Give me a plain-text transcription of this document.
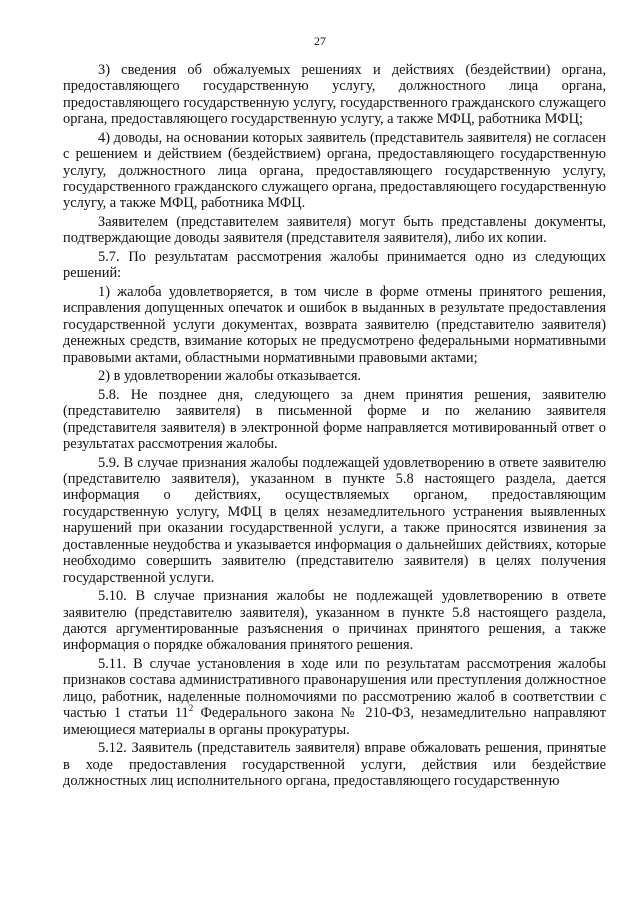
27

3) сведения об обжалуемых решениях и действиях (бездействии) органа, предоставляющего государственную услугу, должностного лица органа, предоставляющего государственную услугу, государственного гражданского служащего органа, предоставляющего государственную услугу, а также МФЦ, работника МФЦ;

4) доводы, на основании которых заявитель (представитель заявителя) не согласен с решением и действием (бездействием) органа, предоставляющего государственную услугу, должностного лица органа, предоставляющего государственную услугу, государственного гражданского служащего органа, предоставляющего государственную услугу, а также МФЦ, работника МФЦ.

Заявителем (представителем заявителя) могут быть представлены документы, подтверждающие доводы заявителя (представителя заявителя), либо их копии.

5.7. По результатам рассмотрения жалобы принимается одно из следующих решений:

1) жалоба удовлетворяется, в том числе в форме отмены принятого решения, исправления допущенных опечаток и ошибок в выданных в результате предоставления государственной услуги документах, возврата заявителю (представителю заявителя) денежных средств, взимание которых не предусмотрено федеральными нормативными правовыми актами, областными нормативными правовыми актами;

2) в удовлетворении жалобы отказывается.

5.8. Не позднее дня, следующего за днем принятия решения, заявителю (представителю заявителя) в письменной форме и по желанию заявителя (представителя заявителя) в электронной форме направляется мотивированный ответ о результатах рассмотрения жалобы.

5.9. В случае признания жалобы подлежащей удовлетворению в ответе заявителю (представителю заявителя), указанном в пункте 5.8 настоящего раздела, дается информация о действиях, осуществляемых органом, предоставляющим государственную услугу, МФЦ в целях незамедлительного устранения выявленных нарушений при оказании государственной услуги, а также приносятся извинения за доставленные неудобства и указывается информация о дальнейших действиях, которые необходимо совершить заявителю (представителю заявителя) в целях получения государственной услуги.

5.10. В случае признания жалобы не подлежащей удовлетворению в ответе заявителю (представителю заявителя), указанном в пункте 5.8 настоящего раздела, даются аргументированные разъяснения о причинах принятого решения, а также информация о порядке обжалования принятого решения.

5.11. В случае установления в ходе или по результатам рассмотрения жалобы признаков состава административного правонарушения или преступления должностное лицо, работник, наделенные полномочиями по рассмотрению жалоб в соответствии с частью 1 статьи $11^2$ Федерального закона № 210-ФЗ, незамедлительно направляют имеющиеся материалы в органы прокуратуры.

5.12. Заявитель (представитель заявителя) вправе обжаловать решения, принятые в ходе предоставления государственной услуги, действия или бездействие должностных лиц исполнительного органа, предоставляющего государственную
